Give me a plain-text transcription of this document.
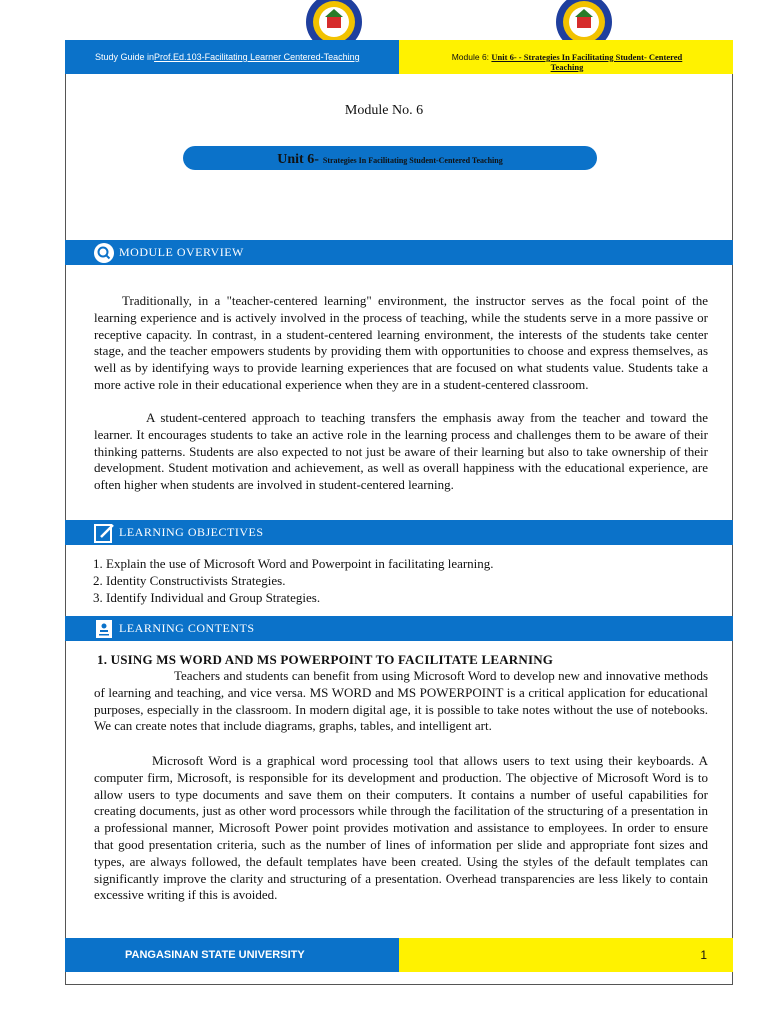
Study Guide in Prof.Ed.103-Facilitating Learner Centered-Teaching	Module 6: Unit 6- - Strategies In Facilitating Student- Centered
Teaching
Module No. 6
Unit 6- Strategies In Facilitating Student-Centered Teaching
MODULE OVERVIEW
Traditionally, in a "teacher-centered learning" environment, the instructor serves as the focal point of the learning experience and is actively involved in the process of teaching, while the students serve in a more passive or receptive capacity. In contrast, in a student-centered learning environment, the interests of the students take center stage, and the teacher empowers students by providing them with opportunities to choose and express themselves, as well as by identifying ways to provide learning experiences that are focused on what students value. Students take a more active role in their educational experience when they are in a student-centered classroom.
A student-centered approach to teaching transfers the emphasis away from the teacher and toward the learner. It encourages students to take an active role in the learning process and challenges them to be aware of their thinking patterns. Students are also expected to not just be aware of their learning but also to take ownership of their development. Student motivation and achievement, as well as overall happiness with the educational experience, are often higher when students are involved in student-centered learning.
LEARNING OBJECTIVES
1. Explain the use of Microsoft Word and Powerpoint in facilitating learning.
2. Identity Constructivists Strategies.
3. Identify Individual and Group Strategies.
LEARNING CONTENTS
1. USING MS WORD AND MS POWERPOINT TO FACILITATE LEARNING
Teachers and students can benefit from using Microsoft Word to develop new and innovative methods of learning and teaching, and vice versa. MS WORD and MS POWERPOINT is a critical application for educational purposes, especially in the classroom. In modern digital age, it is possible to take notes without the use of notebooks. We can create notes that include diagrams, graphs, tables, and intelligent art.
Microsoft Word is a graphical word processing tool that allows users to text using their keyboards. A computer firm, Microsoft, is responsible for its development and production. The objective of Microsoft Word is to allow users to type documents and save them on their computers. It contains a number of useful capabilities for creating documents, just as other word processors while through the facilitation of the structuring of a presentation in a professional manner, Microsoft Power point provides motivation and assistance to employees. In order to ensure that good presentation criteria, such as the number of lines of information per slide and appropriate font sizes and types, are always followed, the default templates have been created. Using the styles of the default templates can significantly improve the clarity and structuring of a presentation. Overhead transparencies are less likely to contain excessive writing if this is avoided.
PANGASINAN STATE UNIVERSITY	1
